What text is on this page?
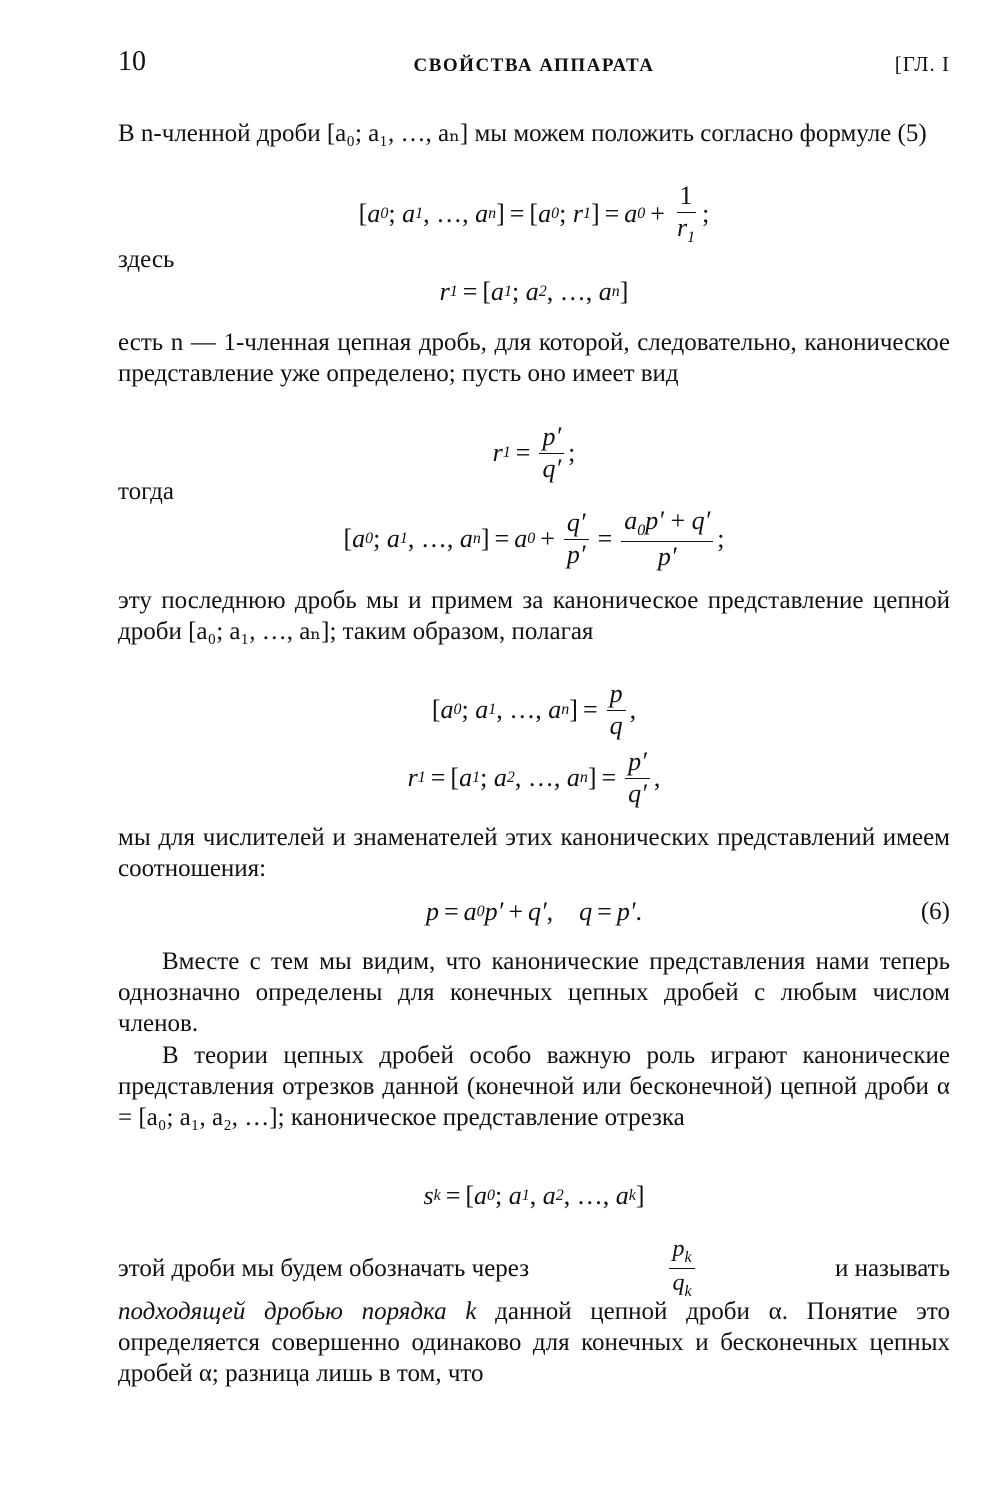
10	СВОЙСТВА АППАРАТА	[ГЛ. I

В n-членной дроби [a₀; a₁, …, aₙ] мы можем положить согласно формуле (5)

[ a 0 ; a 1 , …, a n ] = [ a 0 ; r 1 ] = a $0 + \frac{1}{r_1}$ ;
здесь
r 1 = [ a 1 ; a 2 , …, a n ]

есть n — 1-членная цепная дробь, для которой, следовательно, каноническое представление уже определено; пусть оно имеет вид

r $1 = \frac{p'}{q'}$ ;
тогда
[ a 0 ; a 1 , …, a n ] = a $0 + \frac{q'}{p'} = \frac{a_0p' + q'}{p'}$ ;

эту последнюю дробь мы и примем за каноническое представление цепной дроби [a₀; a₁, …, aₙ]; таким образом, полагая

[ a 0 ; a 1 , …, a n ] = $\frac{p}{q}$ ,
r 1 = [ a 1 ; a 2 , …, a n ] = $\frac{p'}{q'}$ ,

мы для числителей и знаменателей этих канонических представлений имеем соотношения:

p = a 0 p′ + q′ , q = p′ .	(6)

Вместе с тем мы видим, что канонические представления нами теперь однозначно определены для конечных цепных дробей с любым числом членов.

В теории цепных дробей особо важную роль играют канонические представления отрезков данной (конечной или бесконечной) цепной дроби α = [a₀; a₁, a₂, …]; каноническое представление отрезка

s k = [ a 0 ; a 1 , a 2 , …, a k ]
этой дроби мы будем обозначать через	$\frac{p_k}{q_k}$	и называть

подходящей дробью порядка k данной цепной дроби α. Понятие это определяется совершенно одинаково для конечных и бесконечных цепных дробей α; разница лишь в том, что
